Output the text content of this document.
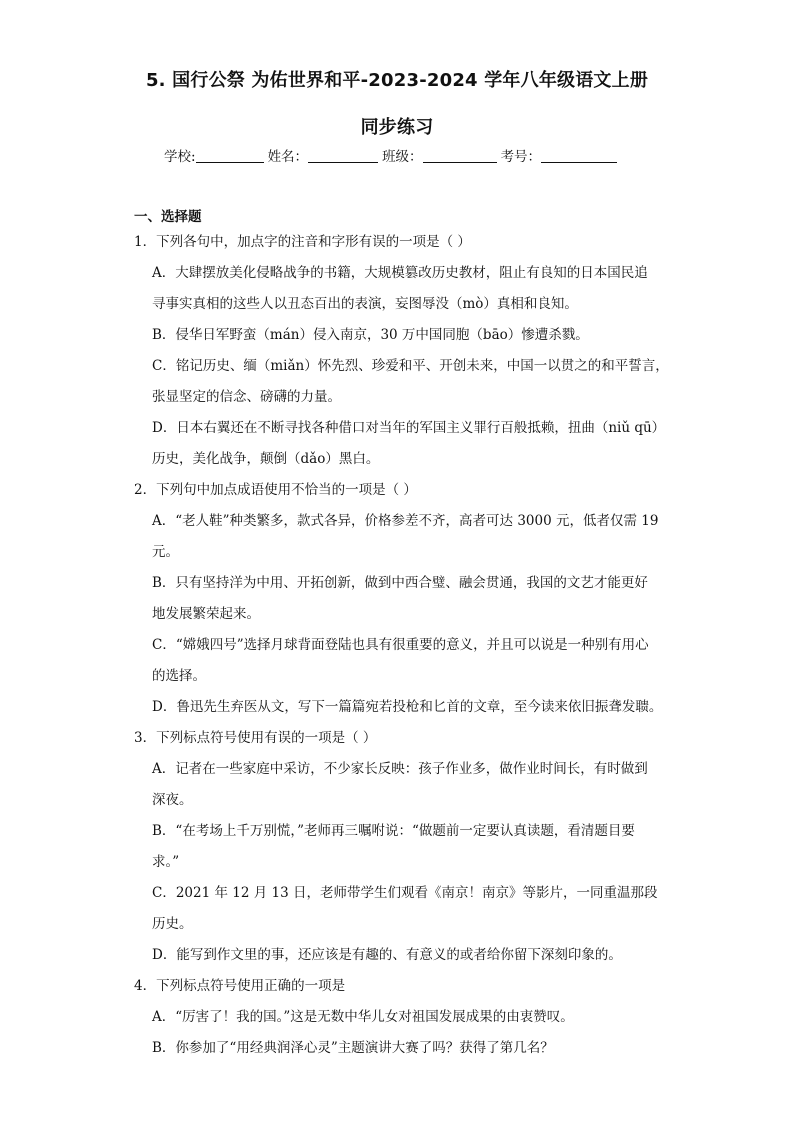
5. 国行公祭 为佑世界和平-2023-2024 学年八年级语文上册
同步练习
学校:	姓名：	班级：	考号：
一、选择题
1．下列各句中，加点字的注音和字形有误的一项是（ ）
A．大肆摆放美化侵略战争的书籍，大规模篡改历史教材，阻止有良知的日本国民追
寻事实真相的这些人以丑态百出的表演，妄图辱没（mò）真相和良知。
B．侵华日军野蛮（mán）侵入南京，30 万中国同胞（bāo）惨遭杀戮。
C．铭记历史、缅（miǎn）怀先烈、珍爱和平、开创未来，中国一以贯之的和平誓言，
张显坚定的信念、磅礴的力量。
D．日本右翼还在不断寻找各种借口对当年的军国主义罪行百般抵赖，扭曲（niǔ qū）
历史，美化战争，颠倒（dǎo）黑白。
2．下列句中加点成语使用不恰当的一项是（ ）
A．“老人鞋”种类繁多，款式各异，价格参差不齐，高者可达 3000 元，低者仅需 19
元。
B．只有坚持洋为中用、开拓创新，做到中西合璧、融会贯通，我国的文艺才能更好
地发展繁荣起来。
C．“嫦娥四号”选择月球背面登陆也具有很重要的意义，并且可以说是一种别有用心
的选择。
D．鲁迅先生弃医从文，写下一篇篇宛若投枪和匕首的文章，至今读来依旧振聋发聩。
3．下列标点符号使用有误的一项是（ ）
A．记者在一些家庭中采访，不少家长反映：孩子作业多，做作业时间长，有时做到
深夜。
B．“在考场上千万别慌，”老师再三嘱咐说：“做题前一定要认真读题，看清题目要
求。”
C．2021 年 12 月 13 日，老师带学生们观看《南京！南京》等影片，一同重温那段
历史。
D．能写到作文里的事，还应该是有趣的、有意义的或者给你留下深刻印象的。
4．下列标点符号使用正确的一项是
A．“厉害了！我的国。”这是无数中华儿女对祖国发展成果的由衷赞叹。
B．你参加了“用经典润泽心灵”主题演讲大赛了吗？获得了第几名？
